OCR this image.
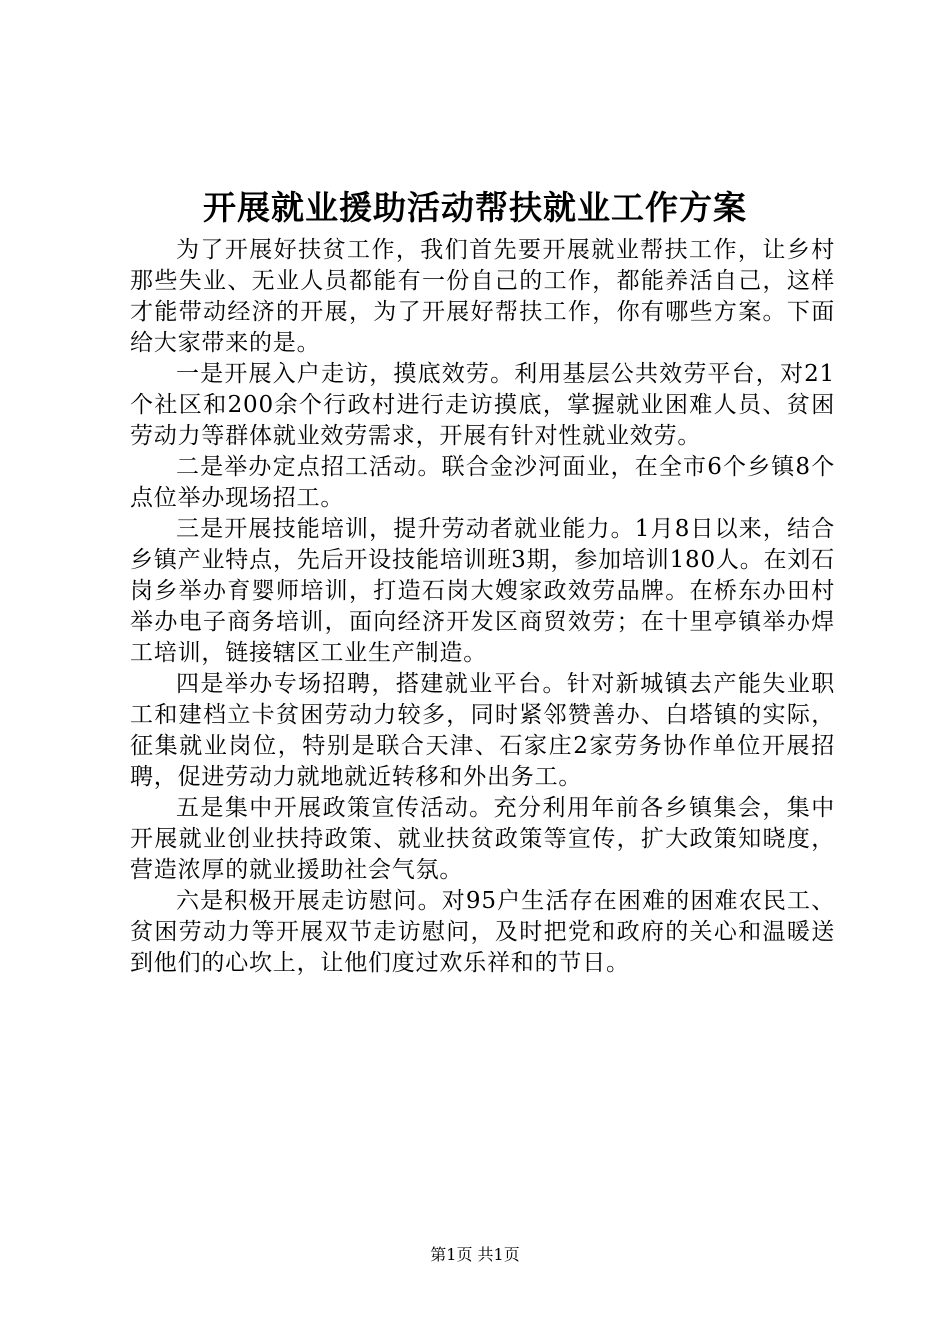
开展就业援助活动帮扶就业工作方案

为了开展好扶贫工作，我们首先要开展就业帮扶工作，让乡村那些失业、无业人员都能有一份自己的工作，都能养活自己，这样才能带动经济的开展，为了开展好帮扶工作，你有哪些方案。下面给大家带来的是。

一是开展入户走访，摸底效劳。利用基层公共效劳平台，对21个社区和200余个行政村进行走访摸底，掌握就业困难人员、贫困劳动力等群体就业效劳需求，开展有针对性就业效劳。

二是举办定点招工活动。联合金沙河面业，在全市6个乡镇8个点位举办现场招工。

三是开展技能培训，提升劳动者就业能力。1月8日以来，结合乡镇产业特点，先后开设技能培训班3期，参加培训180人。在刘石岗乡举办育婴师培训，打造石岗大嫂家政效劳品牌。在桥东办田村举办电子商务培训，面向经济开发区商贸效劳；在十里亭镇举办焊工培训，链接辖区工业生产制造。

四是举办专场招聘，搭建就业平台。针对新城镇去产能失业职工和建档立卡贫困劳动力较多，同时紧邻赞善办、白塔镇的实际，征集就业岗位，特别是联合天津、石家庄2家劳务协作单位开展招聘，促进劳动力就地就近转移和外出务工。

五是集中开展政策宣传活动。充分利用年前各乡镇集会，集中开展就业创业扶持政策、就业扶贫政策等宣传，扩大政策知晓度，营造浓厚的就业援助社会气氛。

六是积极开展走访慰问。对95户生活存在困难的困难农民工、贫困劳动力等开展双节走访慰问，及时把党和政府的关心和温暖送到他们的心坎上，让他们度过欢乐祥和的节日。

第1页 共1页
